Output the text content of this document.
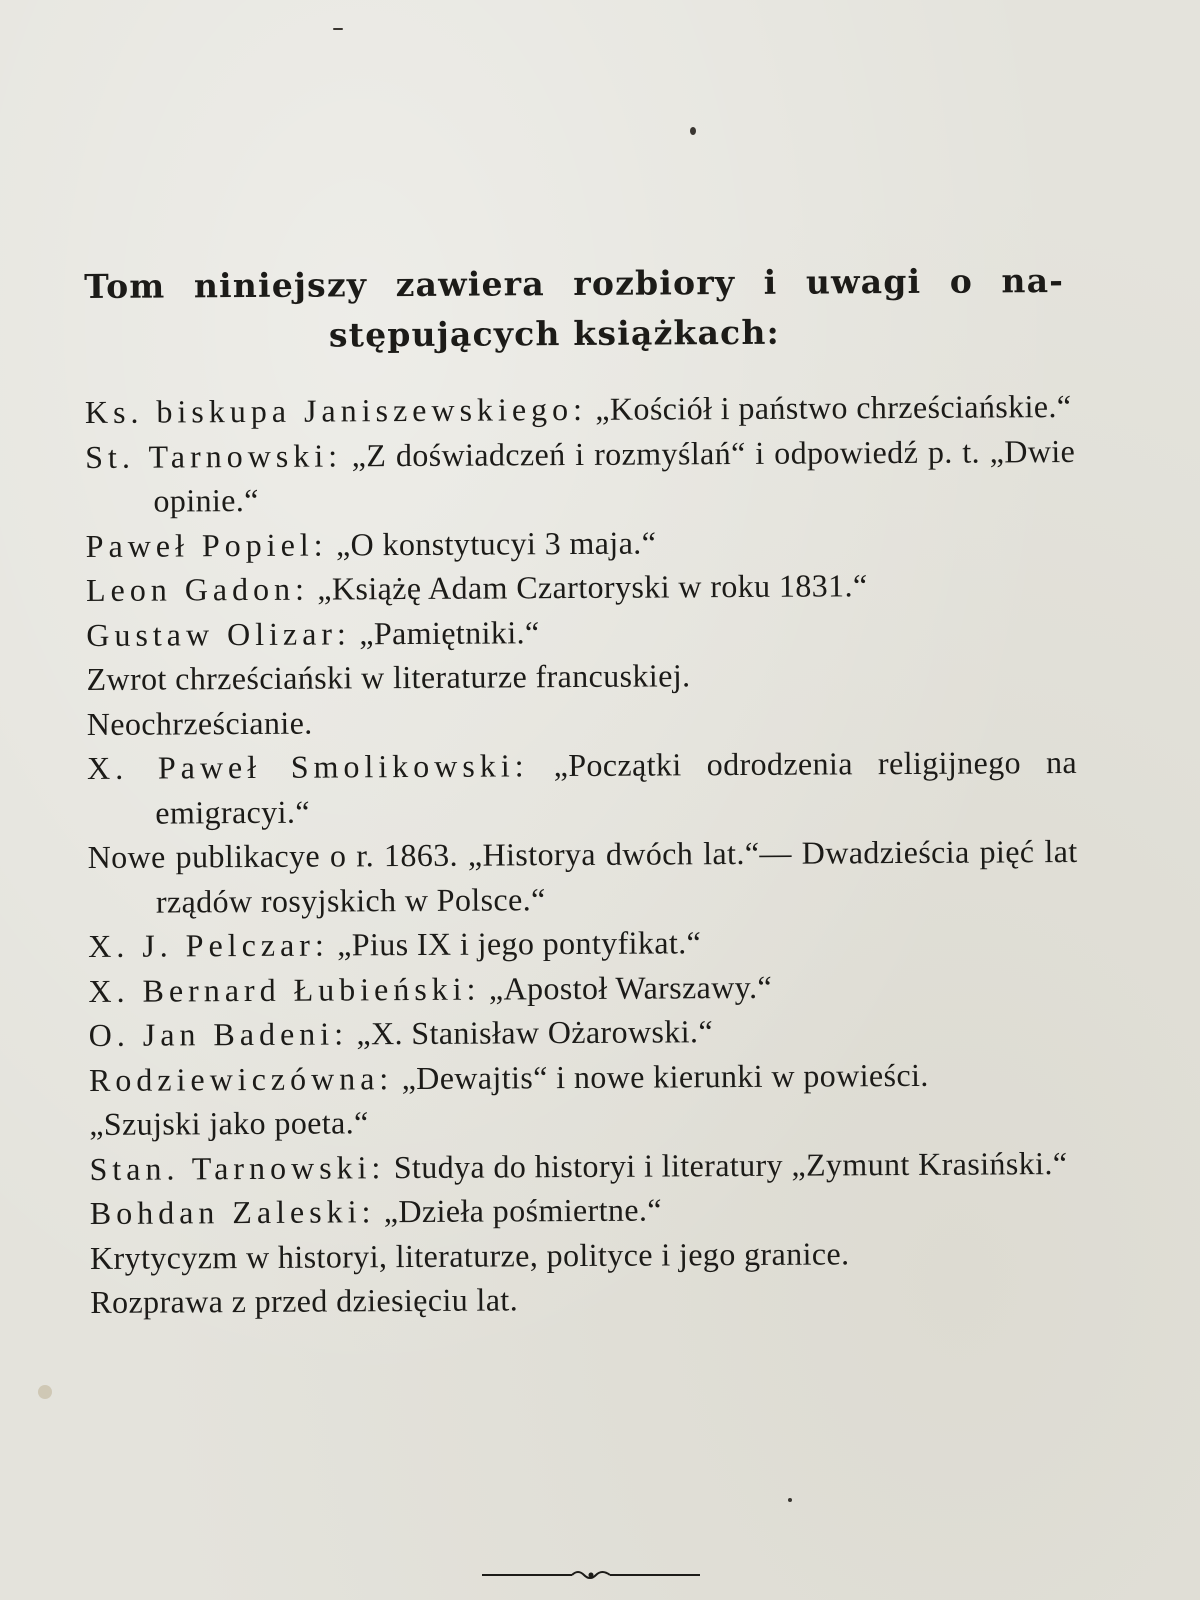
Tom niniejszy zawiera rozbiory i uwagi o na-
stępujących książkach:
Ks. biskupa Janiszewskiego: „Kościół i państwo chrześciańskie.“
St. Tarnowski: „Z doświadczeń i rozmyślań“ i odpowiedź p. t. „Dwie opinie.“
Paweł Popiel: „O konstytucyi 3 maja.“
Leon Gadon: „Książę Adam Czartoryski w roku 1831.“
Gustaw Olizar: „Pamiętniki.“
Zwrot chrześciański w literaturze francuskiej.
Neochrześcianie.
X. Paweł Smolikowski: „Początki odrodzenia religijnego na emigracyi.“
Nowe publikacye o r. 1863. „Historya dwóch lat.“— Dwadzieścia pięć lat rządów rosyjskich w Polsce.“
X. J. Pelczar: „Pius IX i jego pontyfikat.“
X. Bernard Łubieński: „Apostoł Warszawy.“
O. Jan Badeni: „X. Stanisław Ożarowski.“
Rodziewiczówna: „Dewajtis“ i nowe kierunki w powieści.
„Szujski jako poeta.“
Stan. Tarnowski: Studya do historyi i literatury „Zymunt Krasiński.“
Bohdan Zaleski: „Dzieła pośmiertne.“
Krytycyzm w historyi, literaturze, polityce i jego granice.
Rozprawa z przed dziesięciu lat.
